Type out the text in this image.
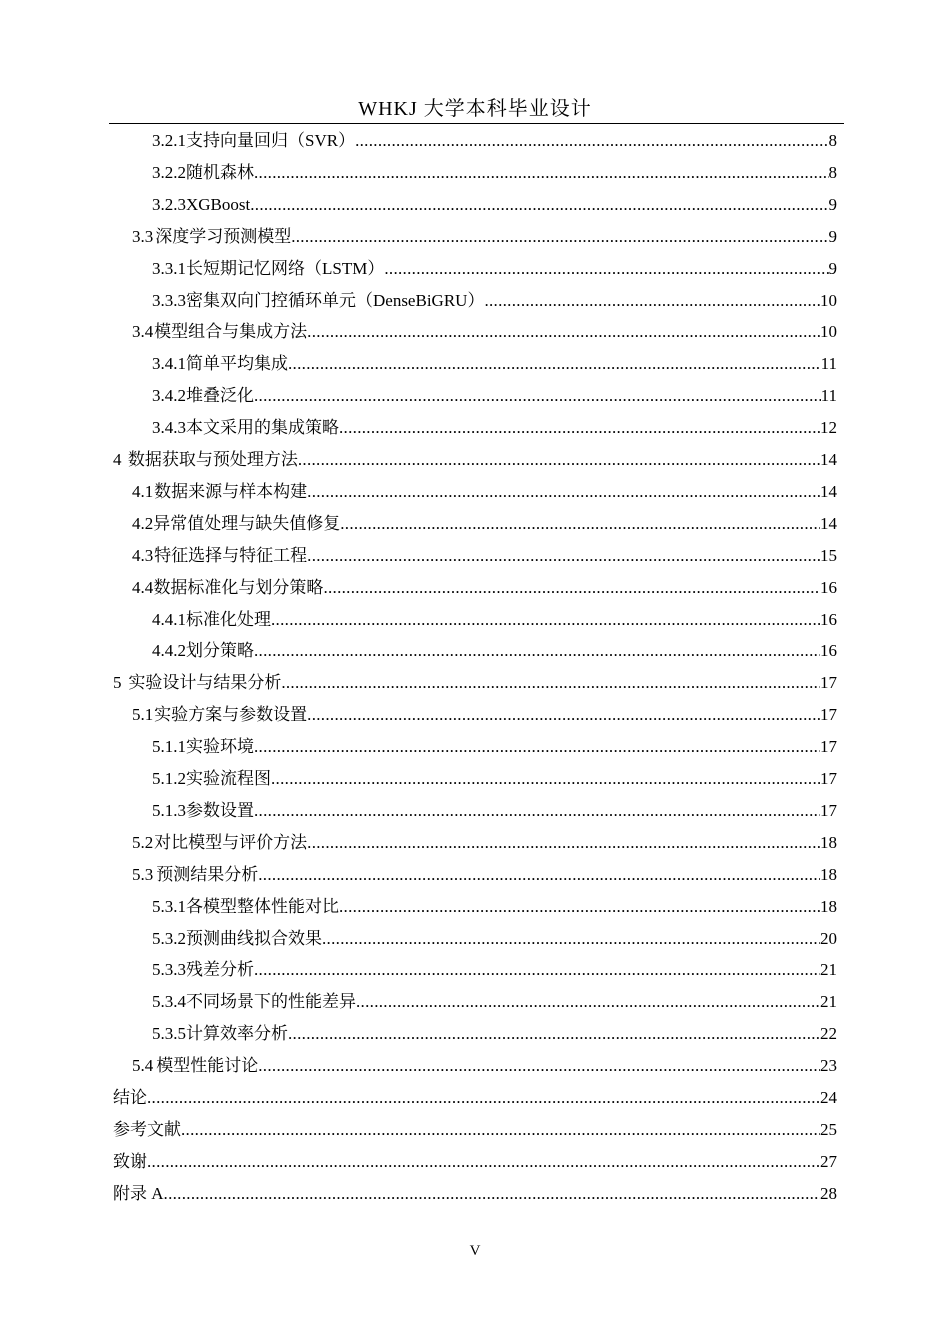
WHKJ 大学本科毕业设计
3.2.1 支持向量回归（SVR） .....	8
3.2.2 随机森林 .....	8
3.2.3 XGBoost .....	9
3.3 深度学习预测模型 .....	9
3.3.1 长短期记忆网络（LSTM） .....	9
3.3.3 密集双向门控循环单元（DenseBiGRU） .....	10
3.4 模型组合与集成方法 .....	10
3.4.1 简单平均集成 .....	11
3.4.2 堆叠泛化 .....	11
3.4.3 本文采用的集成策略 .....	12
4 数据获取与预处理方法 .....	14
4.1 数据来源与样本构建 .....	14
4.2 异常值处理与缺失值修复 .....	14
4.3 特征选择与特征工程 .....	15
4.4 数据标准化与划分策略 .....	16
4.4.1 标准化处理 .....	16
4.4.2 划分策略 .....	16
5 实验设计与结果分析 .....	17
5.1 实验方案与参数设置 .....	17
5.1.1 实验环境 .....	17
5.1.2 实验流程图 .....	17
5.1.3 参数设置 .....	17
5.2 对比模型与评价方法 .....	18
5.3 预测结果分析 .....	18
5.3.1 各模型整体性能对比 .....	18
5.3.2 预测曲线拟合效果 .....	20
5.3.3 残差分析 .....	21
5.3.4 不同场景下的性能差异 .....	21
5.3.5 计算效率分析 .....	22
5.4 模型性能讨论 .....	23
结论 .....	24
参考文献 .....	25
致谢 .....	27
附录 A .....	28
V
